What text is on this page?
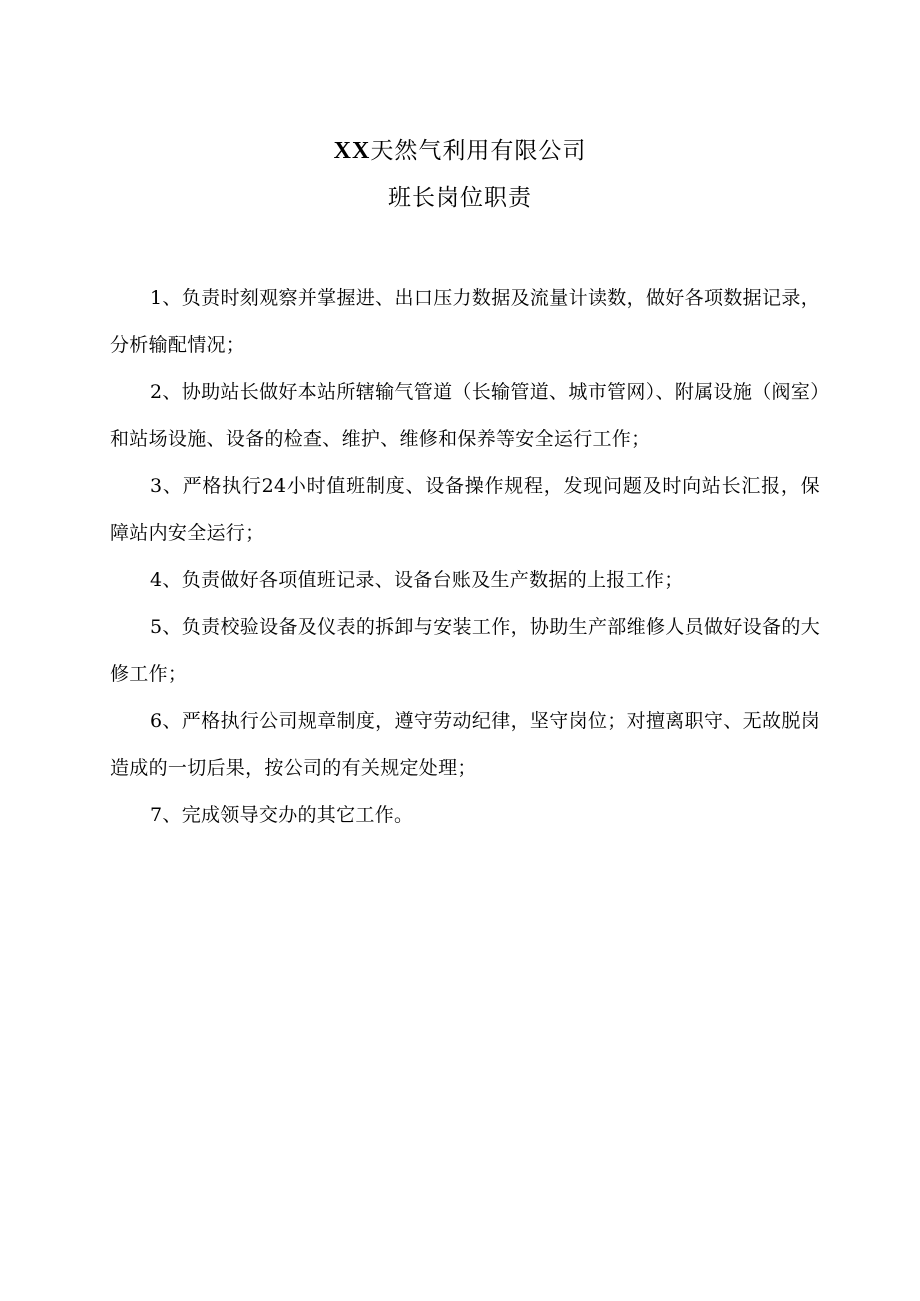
XX天然气利用有限公司
班长岗位职责

1、负责时刻观察并掌握进、出口压力数据及流量计读数，做好各项数据记录，分析输配情况；

2、协助站长做好本站所辖输气管道（长输管道、城市管网）、附属设施（阀室）和站场设施、设备的检查、维护、维修和保养等安全运行工作；

3、严格执行24小时值班制度、设备操作规程，发现问题及时向站长汇报，保障站内安全运行；

4、负责做好各项值班记录、设备台账及生产数据的上报工作；

5、负责校验设备及仪表的拆卸与安装工作，协助生产部维修人员做好设备的大修工作；

6、严格执行公司规章制度，遵守劳动纪律，坚守岗位；对擅离职守、无故脱岗造成的一切后果，按公司的有关规定处理；

7、完成领导交办的其它工作。
